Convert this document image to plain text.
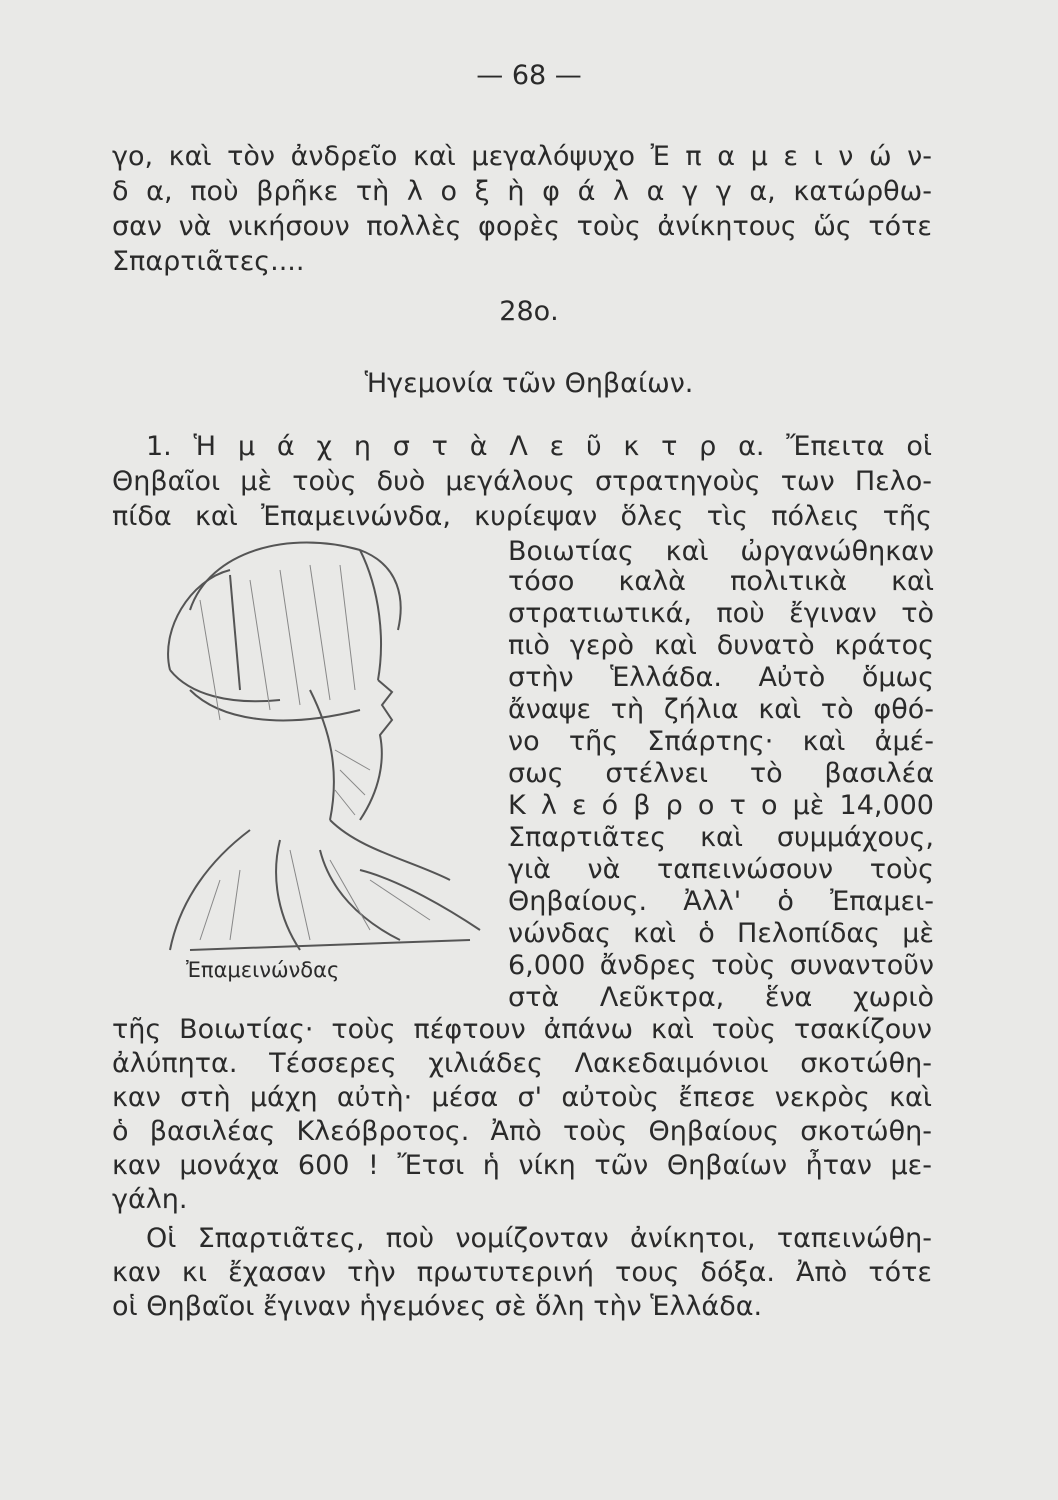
— 68 —
γο, καὶ τὸν ἀνδρεῖο καὶ μεγαλόψυχο Ἐ π α μ ε ι ν ώ ν-
δ α, ποὺ βρῆκε τὴ λ ο ξ ὴ φ ά λ α γ γ α, κατώρθω-
σαν νὰ νικήσουν πολλὲς φορὲς τοὺς ἀνίκητους ὥς τότε
Σπαρτιᾶτες....
28ο.
Ἡγεμονία τῶν Θηβαίων.
1. Ἡ μ ά χ η σ τ ὰ Λ ε ῦ κ τ ρ α. Ἔπειτα οἱ
Θηβαῖοι μὲ τοὺς δυὸ μεγάλους στρατηγοὺς των Πελο-
πίδα καὶ Ἐπαμεινώνδα, κυρίεψαν ὅλες τὶς πόλεις τῆς
Ἐπαμεινώνδας
Βοιωτίας καὶ ὠργανώθηκαν
τόσο καλὰ πολιτικὰ καὶ
στρατιωτικά, ποὺ ἔγιναν τὸ
πιὸ γερὸ καὶ δυνατὸ κράτος
στὴν Ἑλλάδα. Αὐτὸ ὅμως
ἄναψε τὴ ζήλια καὶ τὸ φθό-
νο τῆς Σπάρτης· καὶ ἀμέ-
σως στέλνει τὸ βασιλέα
Κ λ ε ό β ρ ο τ ο μὲ 14,000
Σπαρτιᾶτες καὶ συμμάχους,
γιὰ νὰ ταπεινώσουν τοὺς
Θηβαίους. Ἀλλ' ὁ Ἐπαμει-
νώνδας καὶ ὁ Πελοπίδας μὲ
6,000 ἄνδρες τοὺς συναντοῦν
στὰ Λεῦκτρα, ἕνα χωριὸ
τῆς Βοιωτίας· τοὺς πέφτουν ἀπάνω καὶ τοὺς τσακίζουν
ἀλύπητα. Τέσσερες χιλιάδες Λακεδαιμόνιοι σκοτώθη-
καν στὴ μάχη αὐτὴ· μέσα σ' αὐτοὺς ἔπεσε νεκρὸς καὶ
ὁ βασιλέας Κλεόβροτος. Ἀπὸ τοὺς Θηβαίους σκοτώθη-
καν μονάχα 600 ! Ἔτσι ἡ νίκη τῶν Θηβαίων ἦταν με-
γάλη.
Οἱ Σπαρτιᾶτες, ποὺ νομίζονταν ἀνίκητοι, ταπεινώθη-
καν κι ἔχασαν τὴν πρωτυτερινή τους δόξα. Ἀπὸ τότε
οἱ Θηβαῖοι ἔγιναν ἡγεμόνες σὲ ὅλη τὴν Ἑλλάδα.
